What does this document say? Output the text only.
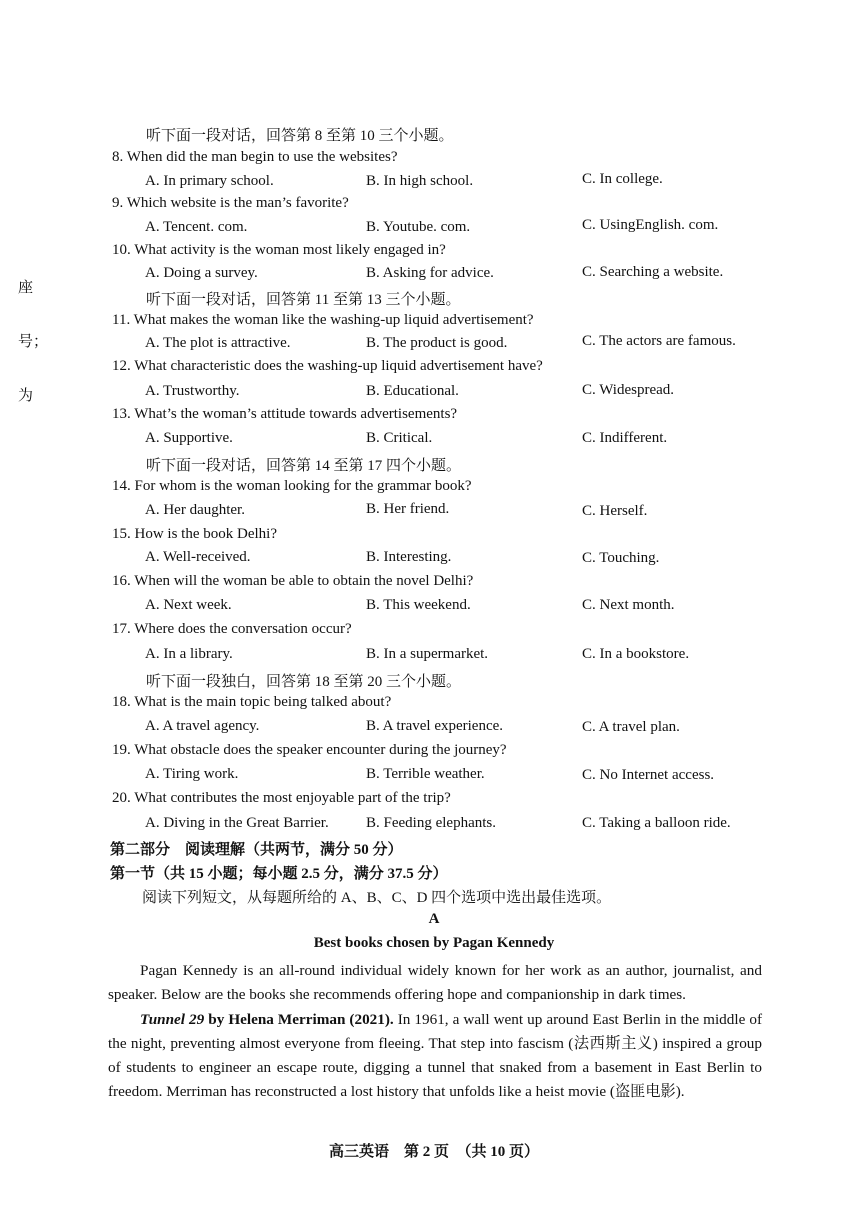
座
号；
为
听下面一段对话，回答第 8 至第 10 三个小题。
8. When did the man begin to use the websites?
A. In primary school.	B. In high school.	C. In college.
9. Which website is the man’s favorite?
A. Tencent. com.	B. Youtube. com.	C. UsingEnglish. com.
10. What activity is the woman most likely engaged in?
A. Doing a survey.	B. Asking for advice.	C. Searching a website.
听下面一段对话，回答第 11 至第 13 三个小题。
11. What makes the woman like the washing-up liquid advertisement?
A. The plot is attractive.	B. The product is good.	C. The actors are famous.
12. What characteristic does the washing-up liquid advertisement have?
A. Trustworthy.	B. Educational.	C. Widespread.
13. What’s the woman’s attitude towards advertisements?
A. Supportive.	B. Critical.	C. Indifferent.
听下面一段对话，回答第 14 至第 17 四个小题。
14. For whom is the woman looking for the grammar book?
A. Her daughter.	B. Her friend.	C. Herself.
15. How is the book Delhi?
A. Well-received.	B. Interesting.	C. Touching.
16. When will the woman be able to obtain the novel Delhi?
A. Next week.	B. This weekend.	C. Next month.
17. Where does the conversation occur?
A. In a library.	B. In a supermarket.	C. In a bookstore.
听下面一段独白，回答第 18 至第 20 三个小题。
18. What is the main topic being talked about?
A. A travel agency.	B. A travel experience.	C. A travel plan.
19. What obstacle does the speaker encounter during the journey?
A. Tiring work.	B. Terrible weather.	C. No Internet access.
20. What contributes the most enjoyable part of the trip?
A. Diving in the Great Barrier. B. Feeding elephants.	C. Taking a balloon ride.
第二部分　阅读理解（共两节，满分 50 分）
第一节（共 15 小题；每小题 2.5 分，满分 37.5 分）
阅读下列短文，从每题所给的 A、B、C、D 四个选项中选出最佳选项。
A
Best books chosen by Pagan Kennedy
Pagan Kennedy is an all-round individual widely known for her work as an author, journalist, and speaker. Below are the books she recommends offering hope and companionship in dark times.
Tunnel 29 by Helena Merriman (2021). In 1961, a wall went up around East Berlin in the middle of the night, preventing almost everyone from fleeing. That step into fascism (法西斯主义) inspired a group of students to engineer an escape route, digging a tunnel that snaked from a basement in East Berlin to freedom. Merriman has reconstructed a lost history that unfolds like a heist movie (盗匪电影).
高三英语　第 2 页　（共 10 页）
